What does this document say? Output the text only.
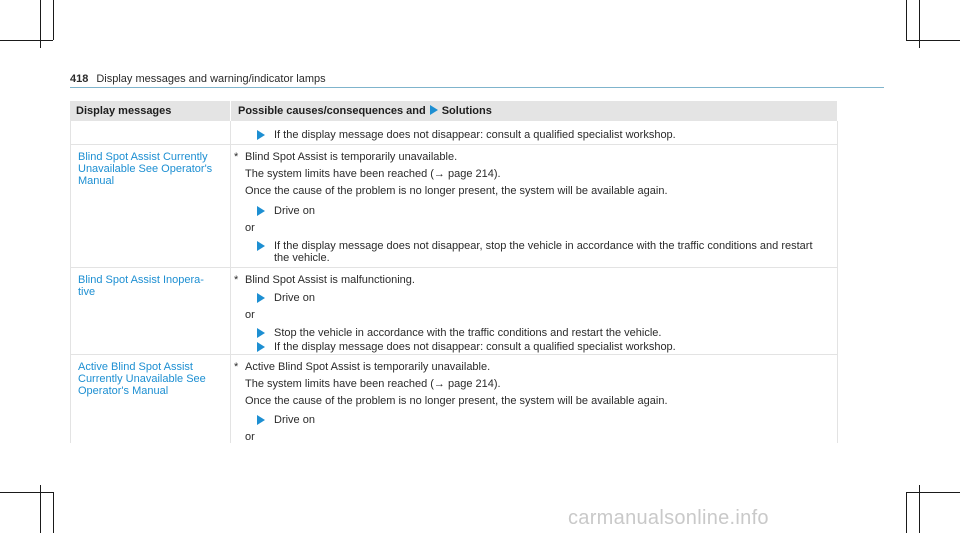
418 Display messages and warning/indicator lamps
Display messages	Possible causes/consequences and Solutions
If the display message does not disappear: consult a qualified specialist workshop.
Blind Spot Assist Currently Unavailable See Operator's Manual
* Blind Spot Assist is temporarily unavailable.
The system limits have been reached (→ page 214).
Once the cause of the problem is no longer present, the system will be available again.
Drive on
or
If the display message does not disappear, stop the vehicle in accordance with the traffic conditions and restart
the vehicle.
Blind Spot Assist Inopera-tive
* Blind Spot Assist is malfunctioning.
Drive on
or
Stop the vehicle in accordance with the traffic conditions and restart the vehicle.
If the display message does not disappear: consult a qualified specialist workshop.
Active Blind Spot Assist Currently Unavailable See Operator's Manual
* Active Blind Spot Assist is temporarily unavailable.
The system limits have been reached (→ page 214).
Once the cause of the problem is no longer present, the system will be available again.
Drive on
or
carmanualsonline.info
